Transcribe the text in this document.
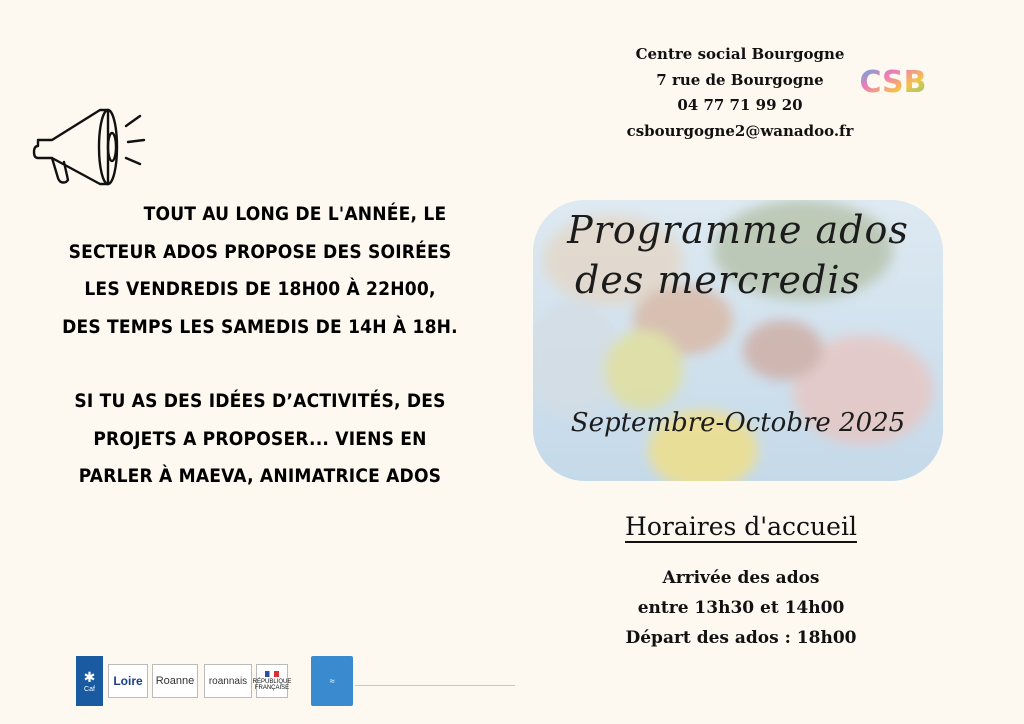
TOUT AU LONG DE L'ANNÉE, LE

SECTEUR ADOS PROPOSE DES SOIRÉES

LES VENDREDIS DE 18H00 À 22H00,

DES TEMPS LES SAMEDIS DE 14H À 18H.

SI TU AS DES IDÉES D’ACTIVITÉS, DES

PROJETS A PROPOSER... VIENS EN

PARLER À MAEVA, ANIMATRICE ADOS

Centre social Bourgogne
7 rue de Bourgogne
04 77 71 99 20
csbourgogne2@wanadoo.fr
CSB
Programme ados
des mercredis
Septembre-Octobre 2025
Horaires d'accueil
Arrivée des ados
entre 13h30 et 14h00
Départ des ados : 18h00
✱
Caf
Loire	Roanne	roannais RÉPUBLIQUE FRANÇAISE
≈
